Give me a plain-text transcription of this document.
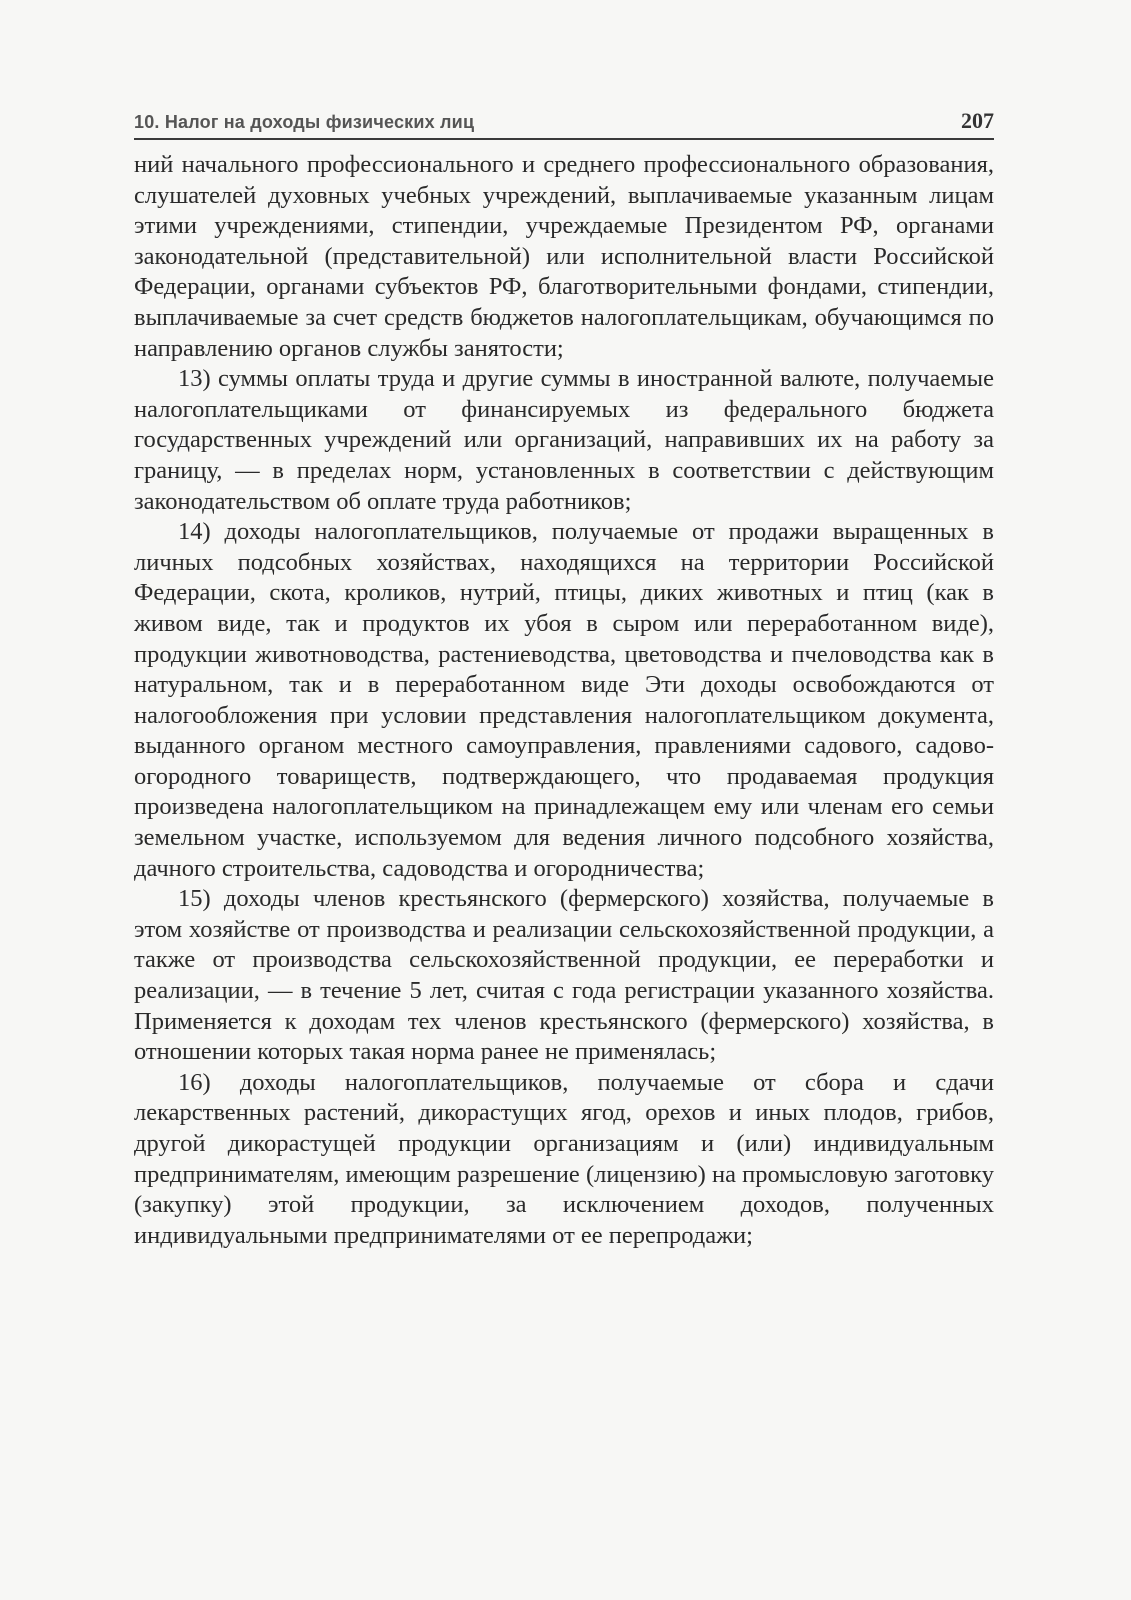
10. Налог на доходы физических лиц	207

ний начального профессионального и среднего профессионального образования, слушателей духовных учебных учреждений, выплачиваемые указанным лицам этими учреждениями, стипендии, учреждаемые Президентом РФ, органами законодательной (представительной) или исполнительной власти Российской Федерации, органами субъектов РФ, благотворительными фондами, стипендии, выплачиваемые за счет средств бюджетов налогоплательщикам, обучающимся по направлению органов службы занятости;

13) суммы оплаты труда и другие суммы в иностранной валюте, получаемые налогоплательщиками от финансируемых из федерального бюджета государственных учреждений или организаций, направивших их на работу за границу, — в пределах норм, установленных в соответствии с действующим законодательством об оплате труда работников;

14) доходы налогоплательщиков, получаемые от продажи выращенных в личных подсобных хозяйствах, находящихся на территории Российской Федерации, скота, кроликов, нутрий, птицы, диких животных и птиц (как в живом виде, так и продуктов их убоя в сыром или переработанном виде), продукции животноводства, растениеводства, цветоводства и пчеловодства как в натуральном, так и в переработанном виде Эти доходы освобождаются от налогообложения при условии представления налогоплательщиком документа, выданного органом местного самоуправления, правлениями садового, садово-огородного товариществ, подтверждающего, что продаваемая продукция произведена налогоплательщиком на принадлежащем ему или членам его семьи земельном участке, используемом для ведения личного подсобного хозяйства, дачного строительства, садоводства и огородничества;

15) доходы членов крестьянского (фермерского) хозяйства, получаемые в этом хозяйстве от производства и реализации сельскохозяйственной продукции, а также от производства сельскохозяйственной продукции, ее переработки и реализации, — в течение 5 лет, считая с года регистрации указанного хозяйства. Применяется к доходам тех членов крестьянского (фермерского) хозяйства, в отношении которых такая норма ранее не применялась;

16) доходы налогоплательщиков, получаемые от сбора и сдачи лекарственных растений, дикорастущих ягод, орехов и иных плодов, грибов, другой дикорастущей продукции организациям и (или) индивидуальным предпринимателям, имеющим разрешение (лицензию) на промысловую заготовку (закупку) этой продукции, за исключением доходов, полученных индивидуальными предпринимателями от ее перепродажи;
